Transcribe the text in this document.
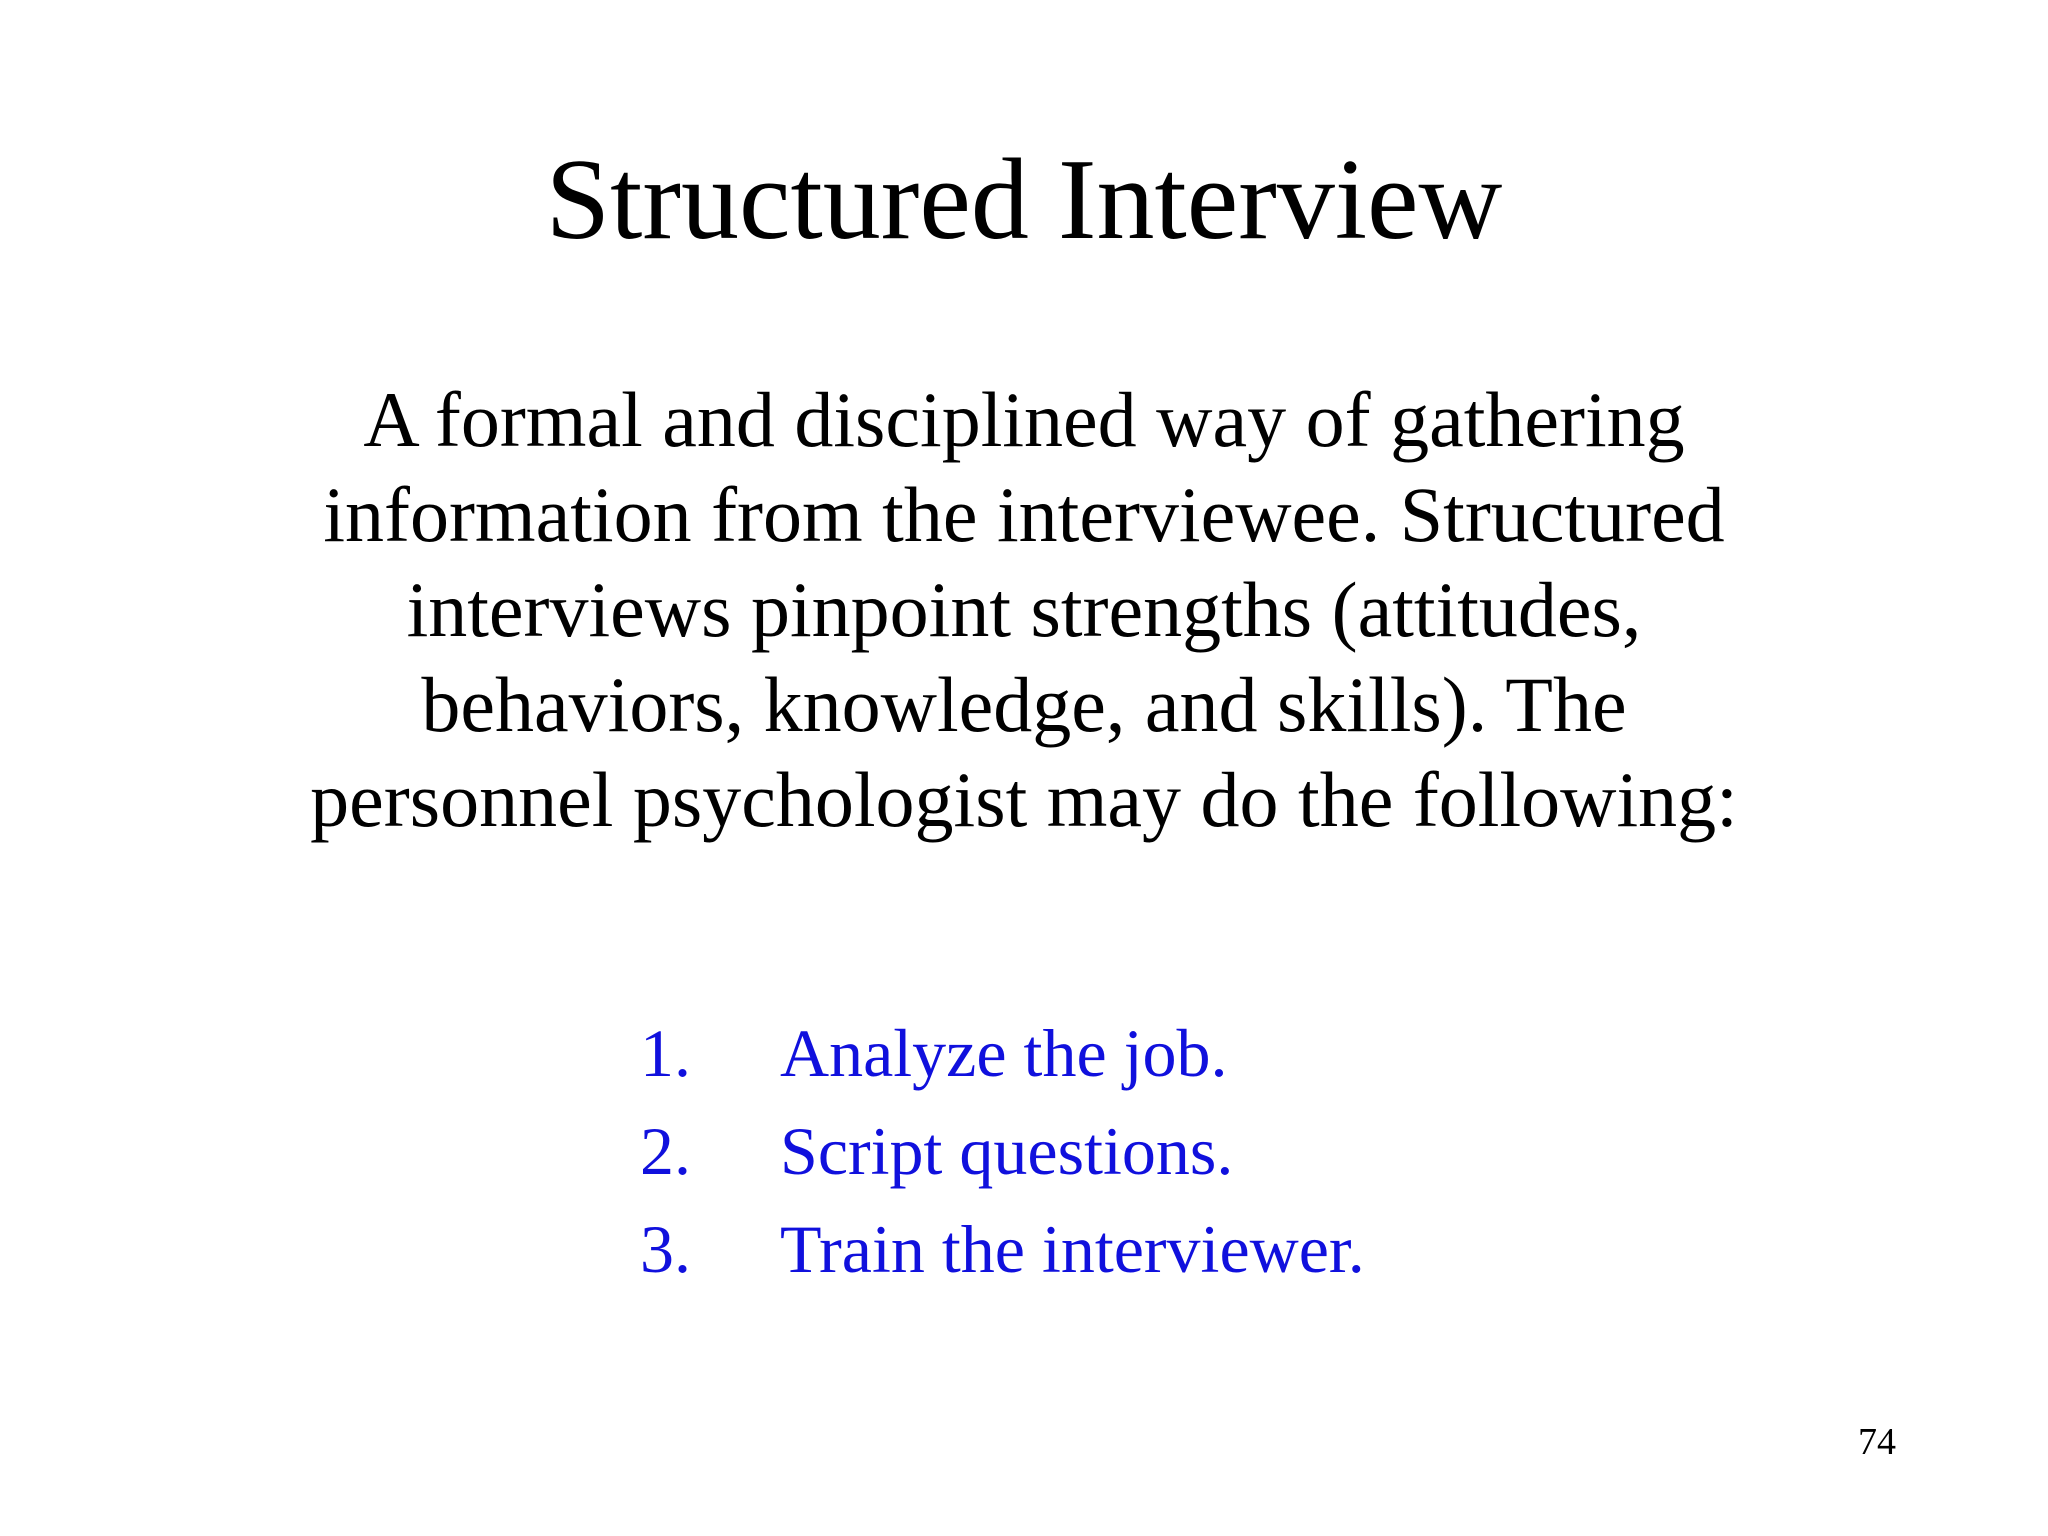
Structured Interview

A formal and disciplined way of gathering
information from the interviewee. Structured
interviews pinpoint strengths (attitudes,
behaviors, knowledge, and skills). The
personnel psychologist may do the following:

1. Analyze the job.
2. Script questions.
3. Train the interviewer.
74
